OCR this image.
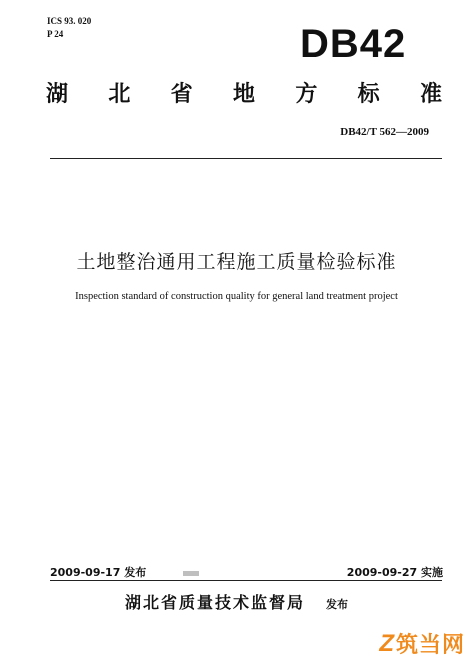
ICS 93. 020
P 24	DB42
湖 北 省 地 方 标 准
DB42/T 562—2009
土地整治通用工程施工质量检验标准
Inspection standard of construction quality for general land treatment project
2009-09-17 发布	2009-09-27 实施
湖北省质量技术监督局 发布
Z 筑当网
